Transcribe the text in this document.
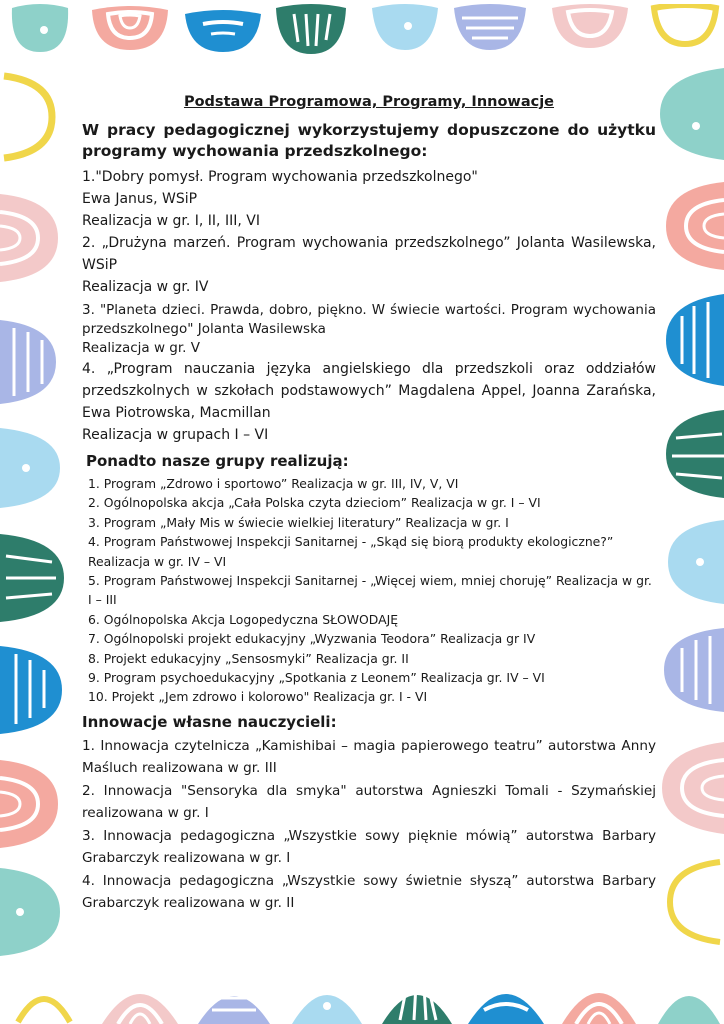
Podstawa Programowa, Programy, Innowacje
W pracy pedagogicznej wykorzystujemy dopuszczone do użytku programy wychowania przedszkolnego:
1."Dobry pomysł. Program wychowania przedszkolnego"
Ewa Janus, WSiP
Realizacja w gr. I, II, III, VI
2. „Drużyna marzeń. Program wychowania przedszkolnego” Jolanta Wasilewska, WSiP
Realizacja w gr. IV
3. "Planeta dzieci. Prawda, dobro, piękno. W świecie wartości. Program wychowania przedszkolnego" Jolanta Wasilewska
Realizacja w gr. V
4. „Program nauczania języka angielskiego dla przedszkoli oraz oddziałów przedszkolnych w szkołach podstawowych” Magdalena Appel, Joanna Zarańska, Ewa Piotrowska, Macmillan
Realizacja w grupach I – VI
Ponadto nasze grupy realizują:
1. Program „Zdrowo i sportowo” Realizacja w gr. III, IV, V, VI
2. Ogólnopolska akcja „Cała Polska czyta dzieciom” Realizacja w gr. I – VI
3. Program „Mały Mis w świecie wielkiej literatury” Realizacja w gr. I
4. Program Państwowej Inspekcji Sanitarnej - „Skąd się biorą produkty ekologiczne?” Realizacja w gr. IV – VI
5. Program Państwowej Inspekcji Sanitarnej - „Więcej wiem, mniej choruję” Realizacja w gr. I – III
6. Ogólnopolska Akcja Logopedyczna SŁOWODAJĘ
7. Ogólnopolski projekt edukacyjny „Wyzwania Teodora” Realizacja gr IV
8. Projekt edukacyjny „Sensosmyki” Realizacja gr. II
9. Program psychoedukacyjny „Spotkania z Leonem” Realizacja gr. IV – VI
10. Projekt „Jem zdrowo i kolorowo" Realizacja gr. I - VI
Innowacje własne nauczycieli:
1. Innowacja czytelnicza „Kamishibai – magia papierowego teatru” autorstwa Anny Maśluch realizowana w gr. III
2. Innowacja "Sensoryka dla smyka" autorstwa Agnieszki Tomali - Szymańskiej realizowana w gr. I
3. Innowacja pedagogiczna „Wszystkie sowy pięknie mówią” autorstwa Barbary Grabarczyk realizowana w gr. I
4. Innowacja pedagogiczna „Wszystkie sowy świetnie słyszą” autorstwa Barbary Grabarczyk realizowana w gr. II
